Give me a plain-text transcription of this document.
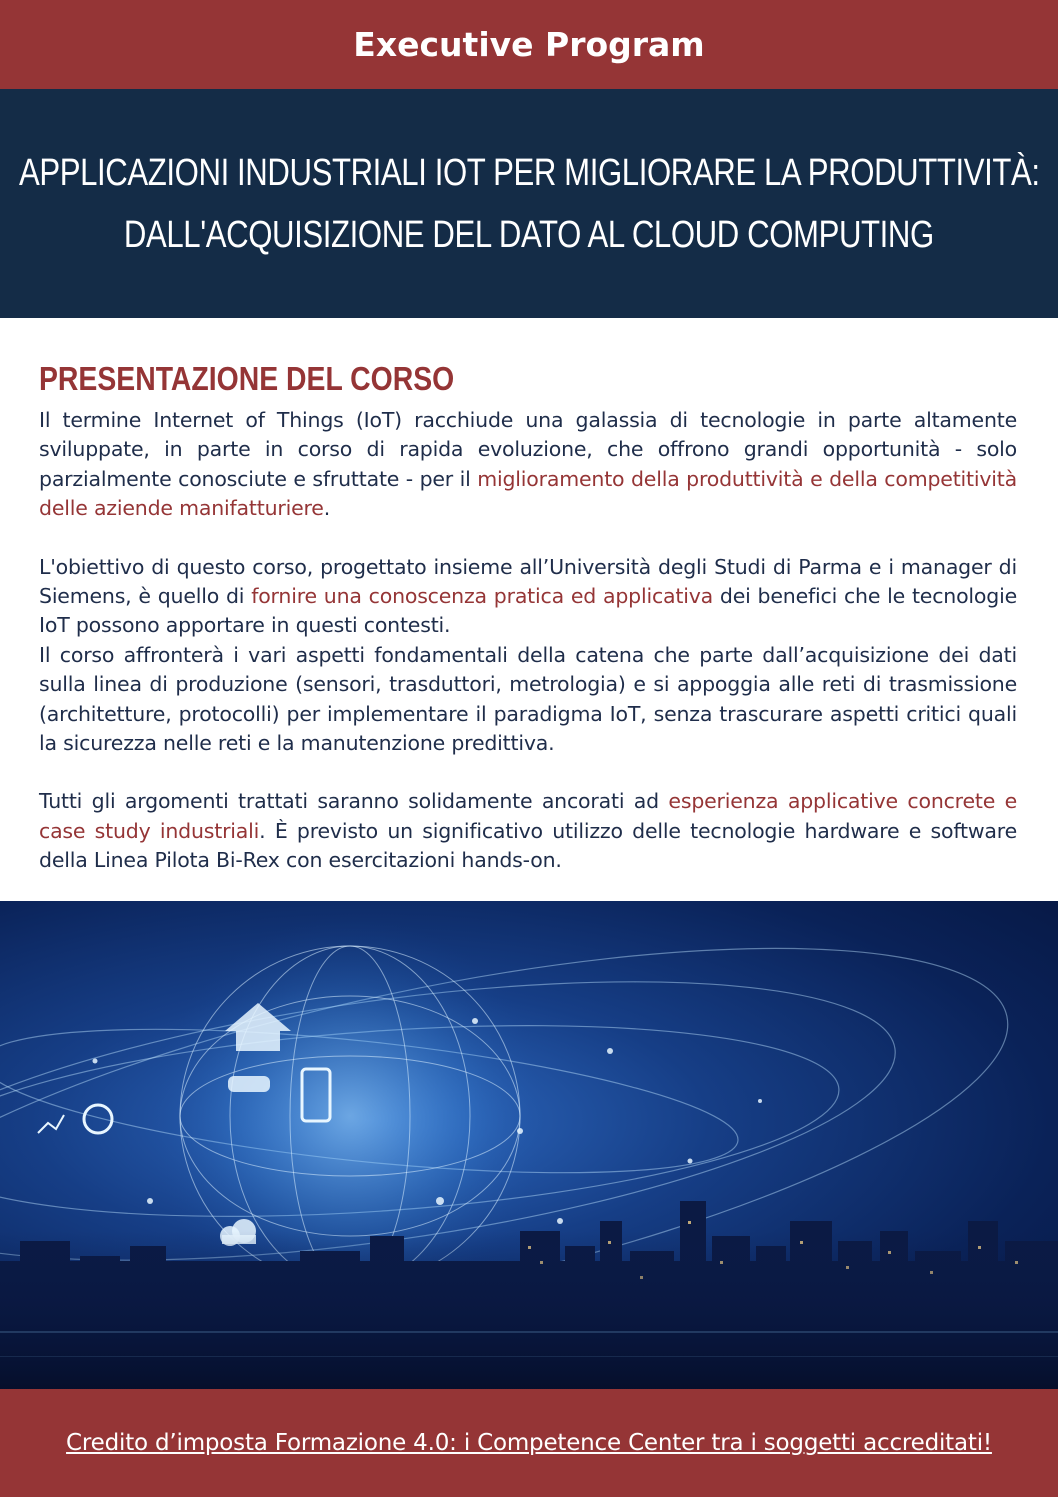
Executive Program
APPLICAZIONI INDUSTRIALI IOT PER MIGLIORARE LA PRODUTTIVITÀ:
DALL'ACQUISIZIONE DEL DATO AL CLOUD COMPUTING
PRESENTAZIONE DEL CORSO

Il termine Internet of Things (IoT) racchiude una galassia di tecnologie in parte altamente sviluppate, in parte in corso di rapida evoluzione, che offrono grandi opportunità - solo parzialmente conosciute e sfruttate - per il miglioramento della produttività e della competitività delle aziende manifatturiere.

L'obiettivo di questo corso, progettato insieme all’Università degli Studi di Parma e i manager di Siemens, è quello di fornire una conoscenza pratica ed applicativa dei benefici che le tecnologie IoT possono apportare in questi contesti.

Il corso affronterà i vari aspetti fondamentali della catena che parte dall’acquisizione dei dati sulla linea di produzione (sensori, trasduttori, metrologia) e si appoggia alle reti di trasmissione (architetture, protocolli) per implementare il paradigma IoT, senza trascurare aspetti critici quali la sicurezza nelle reti e la manutenzione predittiva.

Tutti gli argomenti trattati saranno solidamente ancorati ad esperienza applicative concrete e case study industriali. È previsto un significativo utilizzo delle tecnologie hardware e software della Linea Pilota Bi-Rex con esercitazioni hands-on.

Credito d’imposta Formazione 4.0: i Competence Center tra i soggetti accreditati!
